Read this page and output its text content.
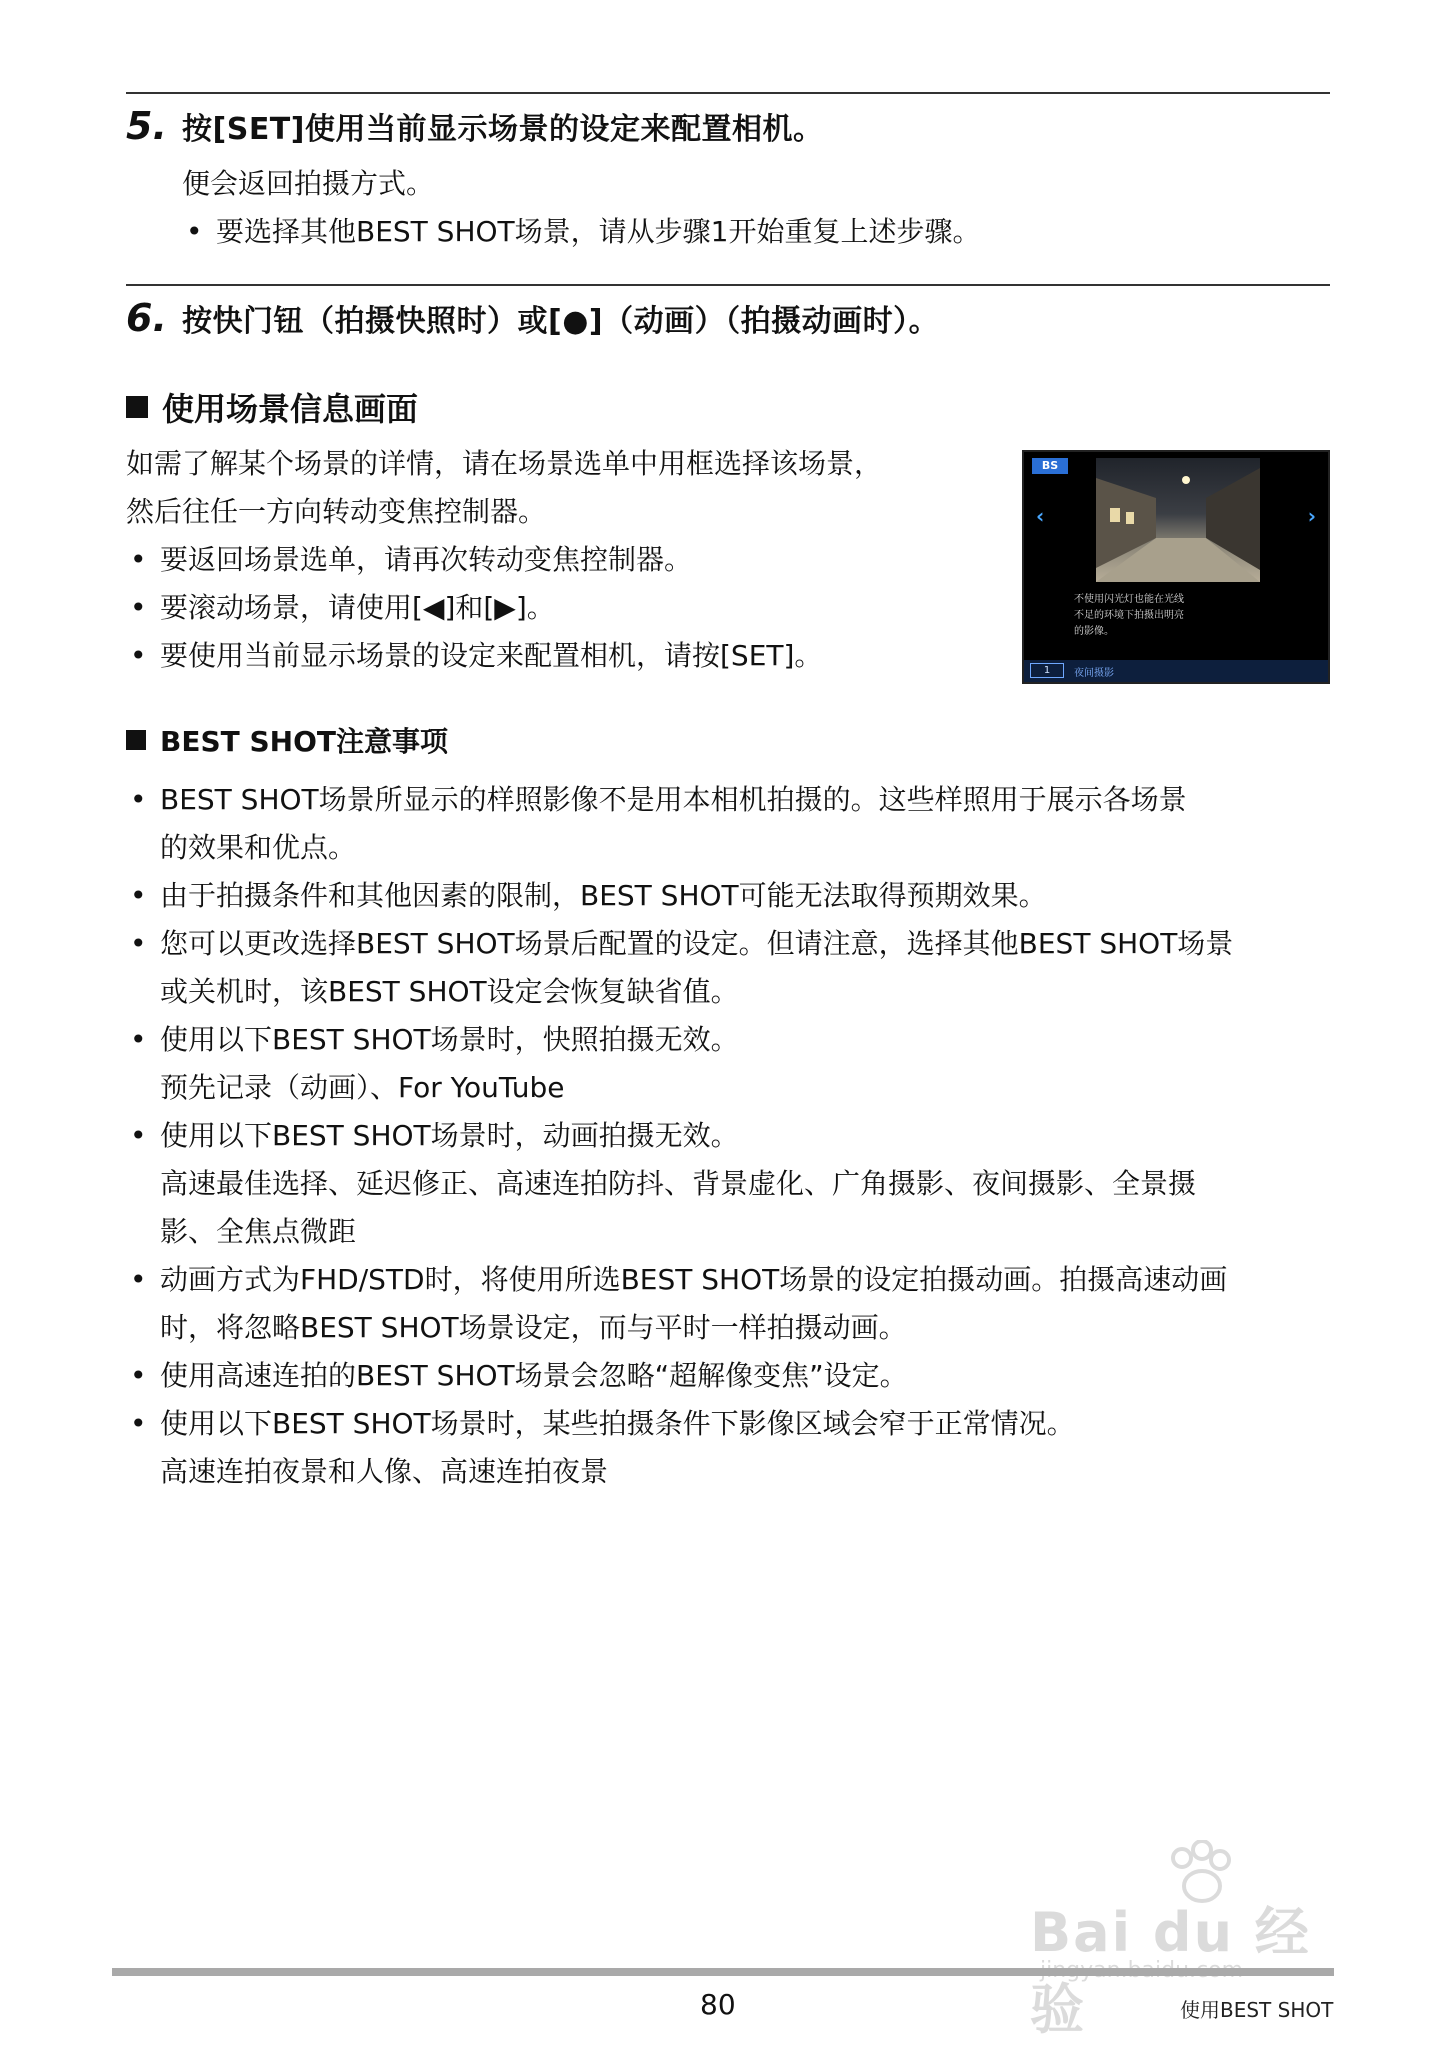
5. 按[SET]使用当前显示场景的设定来配置相机。
便会返回拍摄方式。
• 要选择其他BEST SHOT场景，请从步骤1开始重复上述步骤。
6. 按快门钮（拍摄快照时）或[●]（动画）（拍摄动画时）。
使用场景信息画面
如需了解某个场景的详情，请在场景选单中用框选择该场景，
然后往任一方向转动变焦控制器。
• 要返回场景选单，请再次转动变焦控制器。
• 要滚动场景，请使用[◀]和[▶]。
• 要使用当前显示场景的设定来配置相机，请按[SET]。
BS
‹	›
不使用闪光灯也能在光线
不足的环境下拍摄出明亮
的影像。
1	夜间摄影
BEST SHOT注意事项
• BEST SHOT场景所显示的样照影像不是用本相机拍摄的。这些样照用于展示各场景
的效果和优点。
• 由于拍摄条件和其他因素的限制，BEST SHOT可能无法取得预期效果。
• 您可以更改选择BEST SHOT场景后配置的设定。但请注意，选择其他BEST SHOT场景
或关机时，该BEST SHOT设定会恢复缺省值。
• 使用以下BEST SHOT场景时，快照拍摄无效。
预先记录（动画）、For YouTube
• 使用以下BEST SHOT场景时，动画拍摄无效。
高速最佳选择、延迟修正、高速连拍防抖、背景虚化、广角摄影、夜间摄影、全景摄
影、全焦点微距
• 动画方式为FHD/STD时，将使用所选BEST SHOT场景的设定拍摄动画。拍摄高速动画
时，将忽略BEST SHOT场景设定，而与平时一样拍摄动画。
• 使用高速连拍的BEST SHOT场景会忽略“超解像变焦”设定。
• 使用以下BEST SHOT场景时，某些拍摄条件下影像区域会窄于正常情况。
高速连拍夜景和人像、高速连拍夜景
Bai du 经验
80	使用BEST SHOT
